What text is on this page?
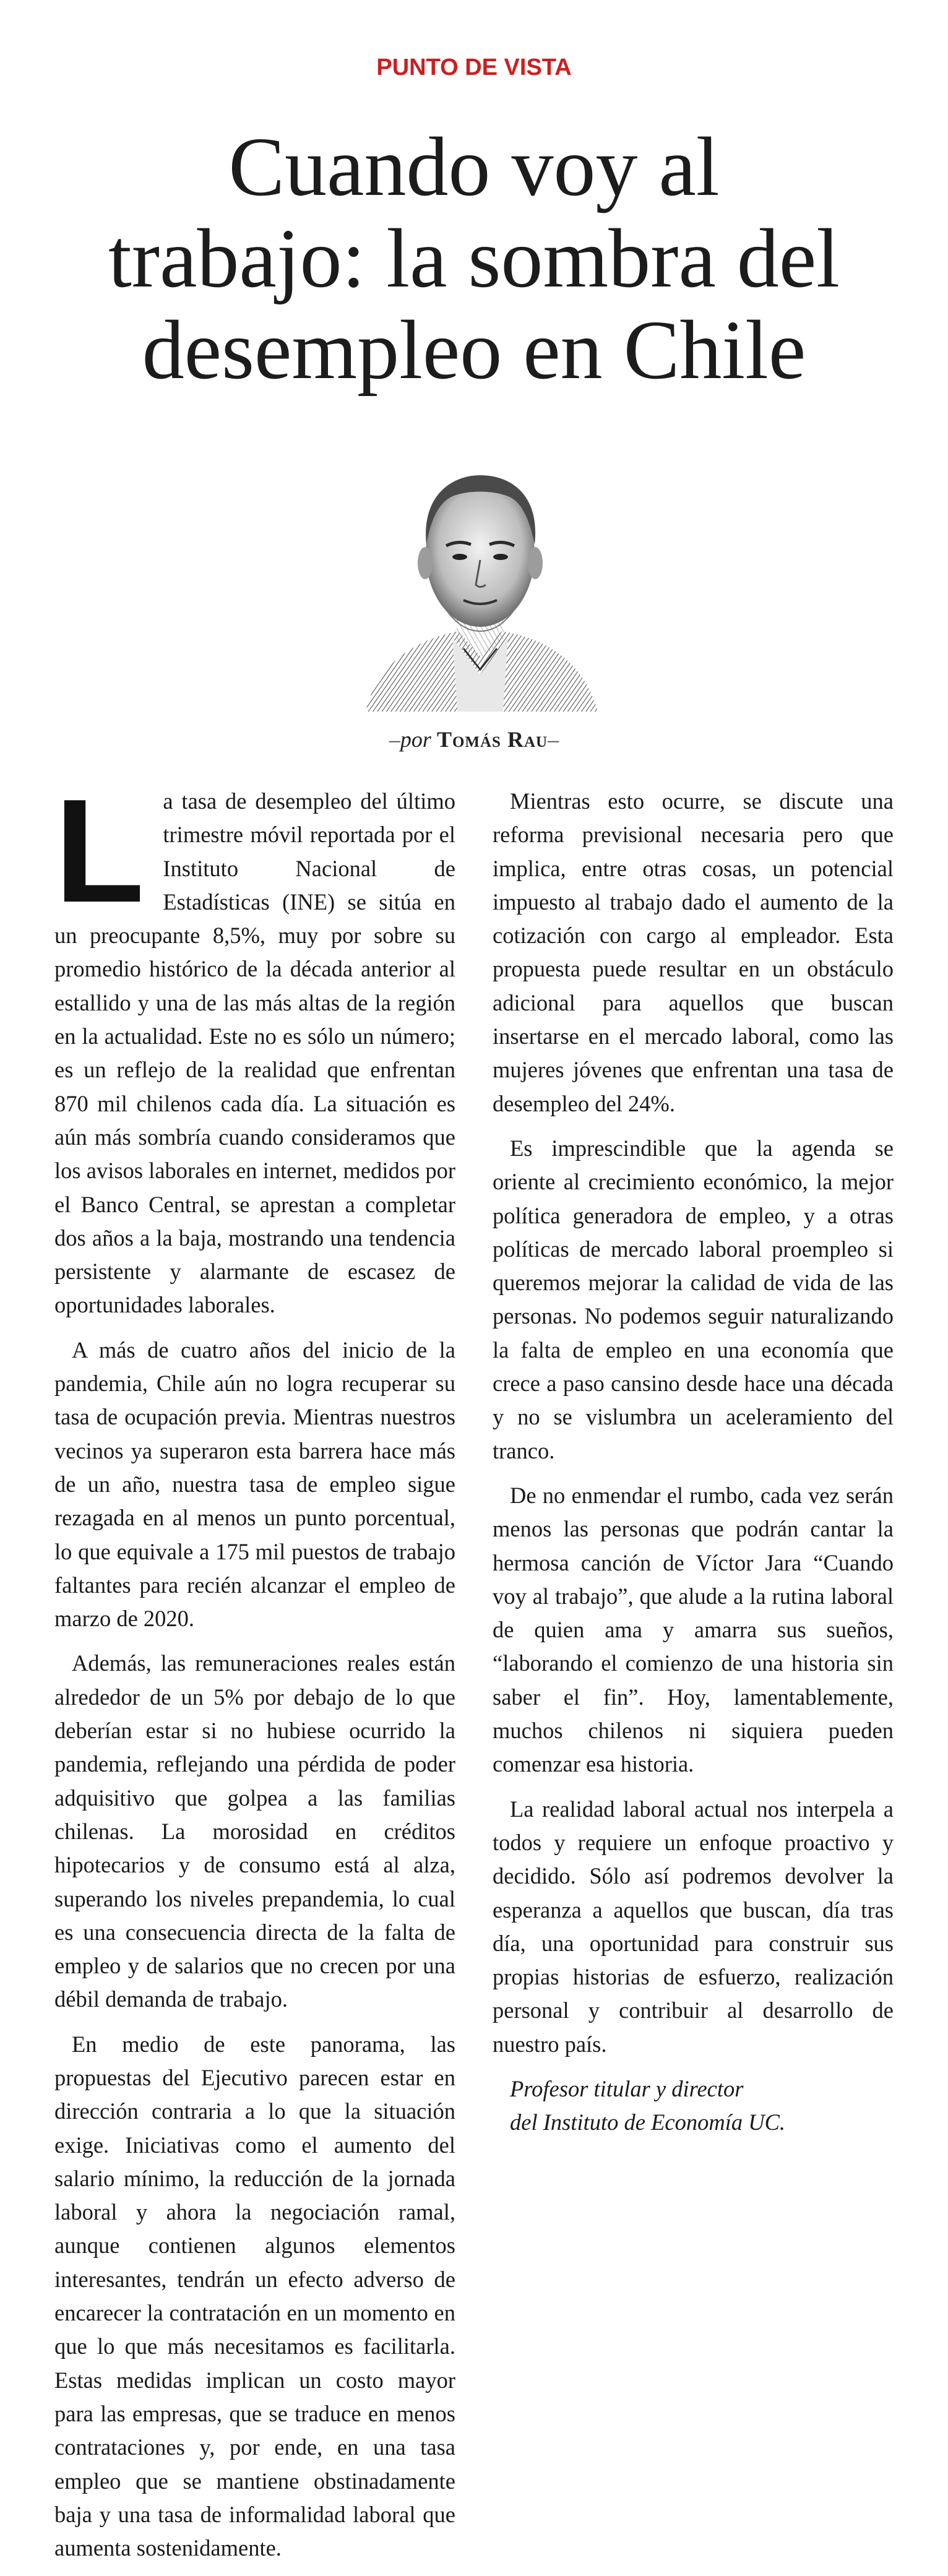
PUNTO DE VISTA
Cuando voy al
trabajo: la sombra del
desempleo en Chile
–por Tomás Rau–

La tasa de desempleo del último trimestre móvil reportada por el Instituto Nacional de Estadísticas (INE) se sitúa en un preocupante 8,5%, muy por sobre su promedio histórico de la década anterior al estallido y una de las más altas de la región en la actualidad. Este no es sólo un número; es un reflejo de la realidad que enfrentan 870 mil chilenos cada día. La situación es aún más sombría cuando consideramos que los avisos laborales en internet, medidos por el Banco Central, se aprestan a completar dos años a la baja, mostrando una tendencia persistente y alarmante de escasez de oportunidades laborales.

A más de cuatro años del inicio de la pandemia, Chile aún no logra recuperar su tasa de ocupación previa. Mientras nuestros vecinos ya superaron esta barrera hace más de un año, nuestra tasa de empleo sigue rezagada en al menos un punto porcentual, lo que equivale a 175 mil puestos de trabajo faltantes para recién alcanzar el empleo de marzo de 2020.

Además, las remuneraciones reales están alrededor de un 5% por debajo de lo que deberían estar si no hubiese ocurrido la pandemia, reflejando una pérdida de poder adquisitivo que golpea a las familias chilenas. La morosidad en créditos hipotecarios y de consumo está al alza, superando los niveles prepandemia, lo cual es una consecuencia directa de la falta de empleo y de salarios que no crecen por una débil demanda de trabajo.

En medio de este panorama, las propuestas del Ejecutivo parecen estar en dirección contraria a lo que la situación exige. Iniciativas como el aumento del salario mínimo, la reducción de la jornada laboral y ahora la negociación ramal, aunque contienen algunos elementos interesantes, tendrán un efecto adverso de encarecer la contratación en un momento en que lo que más necesitamos es facilitarla. Estas medidas implican un costo mayor para las empresas, que se traduce en menos contrataciones y, por ende, en una tasa empleo que se mantiene obstinadamente baja y una tasa de informalidad laboral que aumenta sostenidamente.

Mientras esto ocurre, se discute una reforma previsional necesaria pero que implica, entre otras cosas, un potencial impuesto al trabajo dado el aumento de la cotización con cargo al empleador. Esta propuesta puede resultar en un obstáculo adicional para aquellos que buscan insertarse en el mercado laboral, como las mujeres jóvenes que enfrentan una tasa de desempleo del 24%.

Es imprescindible que la agenda se oriente al crecimiento económico, la mejor política generadora de empleo, y a otras políticas de mercado laboral proempleo si queremos mejorar la calidad de vida de las personas. No podemos seguir naturalizando la falta de empleo en una economía que crece a paso cansino desde hace una década y no se vislumbra un aceleramiento del tranco.

De no enmendar el rumbo, cada vez serán menos las personas que podrán cantar la hermosa canción de Víctor Jara “Cuando voy al trabajo”, que alude a la rutina laboral de quien ama y amarra sus sueños, “laborando el comienzo de una historia sin saber el fin”. Hoy, lamentablemente, muchos chilenos ni siquiera pueden comenzar esa historia.

La realidad laboral actual nos interpela a todos y requiere un enfoque proactivo y decidido. Sólo así podremos devolver la esperanza a aquellos que buscan, día tras día, una oportunidad para construir sus propias historias de esfuerzo, realización personal y contribuir al desarrollo de nuestro país.

Profesor titular y director
del Instituto de Economía UC.
